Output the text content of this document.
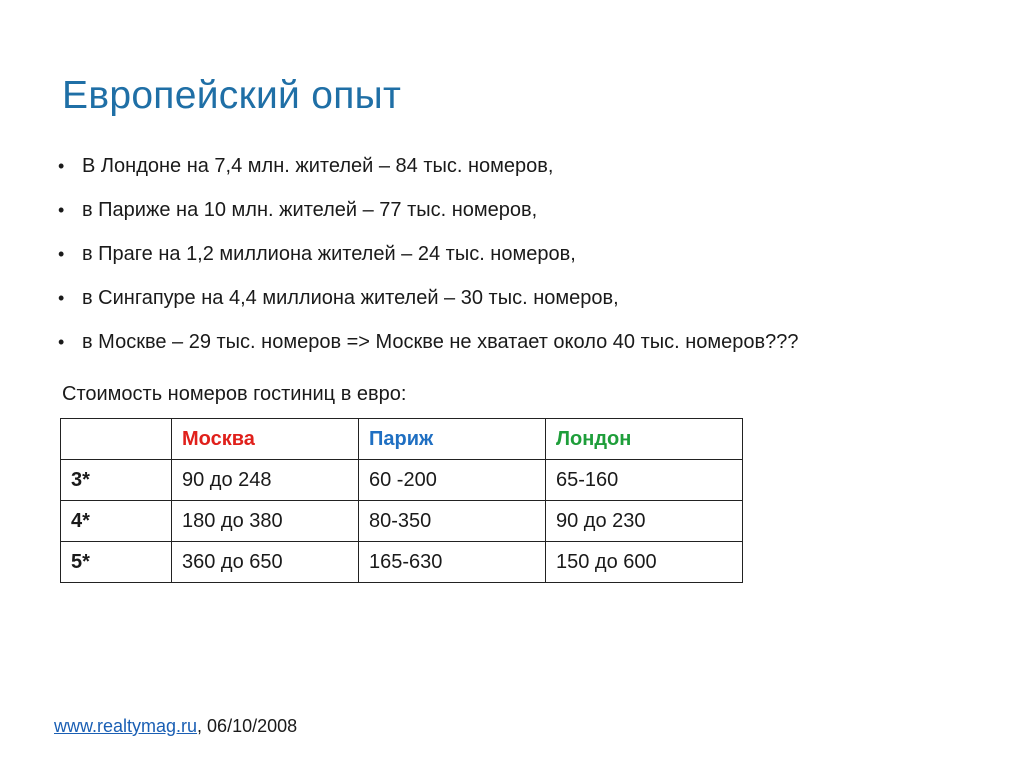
Европейский опыт
• В Лондоне на 7,4 млн. жителей – 84 тыс. номеров,
• в Париже на 10 млн. жителей – 77 тыс. номеров,
• в Праге на 1,2 миллиона жителей – 24 тыс. номеров,
• в Сингапуре на 4,4 миллиона жителей – 30 тыс. номеров,
• в Москве – 29 тыс. номеров => Москве не хватает около 40 тыс. номеров???
Стоимость номеров гостиниц в евро:
	Москва	Париж	Лондон
3*	90 до 248	60 -200	65-160
4*	180 до 380	80-350	90 до 230
5*	360 до 650	165-630	150 до 600
www.realtymag.ru, 06/10/2008
